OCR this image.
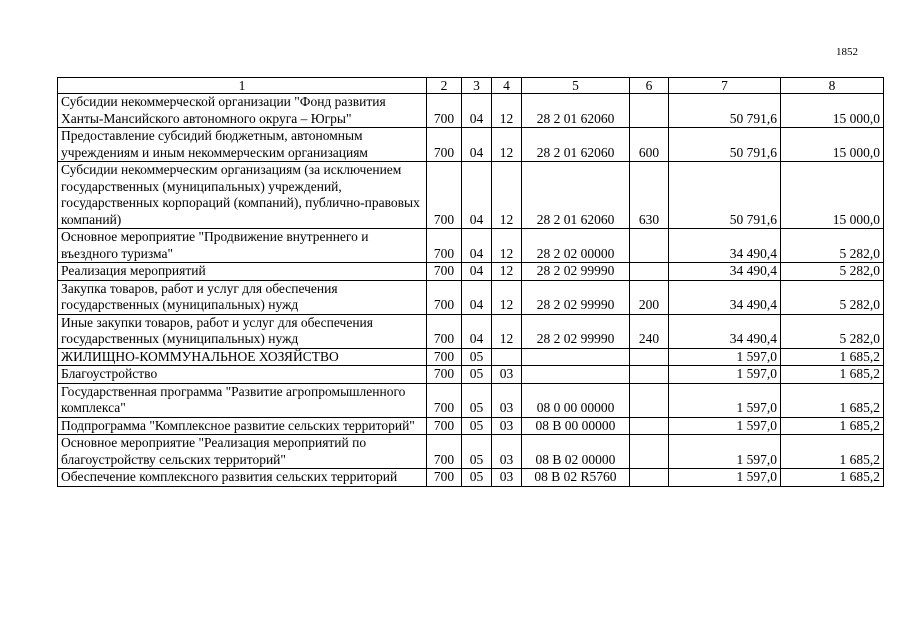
1852
1	2	3	4	5	6	7	8
Субсидии некоммерческой организации "Фонд развития Ханты-Мансийского автономного округа – Югры"	700	04	12	28 2 01 62060		50 791,6	15 000,0
Предоставление субсидий бюджетным, автономным учреждениям и иным некоммерческим организациям	700	04	12	28 2 01 62060	600	50 791,6	15 000,0
Субсидии некоммерческим организациям (за исключением государственных (муниципальных) учреждений, государственных корпораций (компаний), публично-правовых компаний)	700	04	12	28 2 01 62060	630	50 791,6	15 000,0
Основное мероприятие "Продвижение внутреннего и въездного туризма"	700	04	12	28 2 02 00000		34 490,4	5 282,0
Реализация мероприятий	700	04	12	28 2 02 99990		34 490,4	5 282,0
Закупка товаров, работ и услуг для обеспечения государственных (муниципальных) нужд	700	04	12	28 2 02 99990	200	34 490,4	5 282,0
Иные закупки товаров, работ и услуг для обеспечения государственных (муниципальных) нужд	700	04	12	28 2 02 99990	240	34 490,4	5 282,0
ЖИЛИЩНО-КОММУНАЛЬНОЕ ХОЗЯЙСТВО	700	05				1 597,0	1 685,2
Благоустройство	700	05	03			1 597,0	1 685,2
Государственная программа "Развитие агропромышленного комплекса"	700	05	03	08 0 00 00000		1 597,0	1 685,2
Подпрограмма "Комплексное развитие сельских территорий"	700	05	03	08 В 00 00000		1 597,0	1 685,2
Основное мероприятие "Реализация мероприятий по благоустройству сельских территорий"	700	05	03	08 В 02 00000		1 597,0	1 685,2
Обеспечение комплексного развития сельских территорий	700	05	03	08 В 02 R5760		1 597,0	1 685,2
